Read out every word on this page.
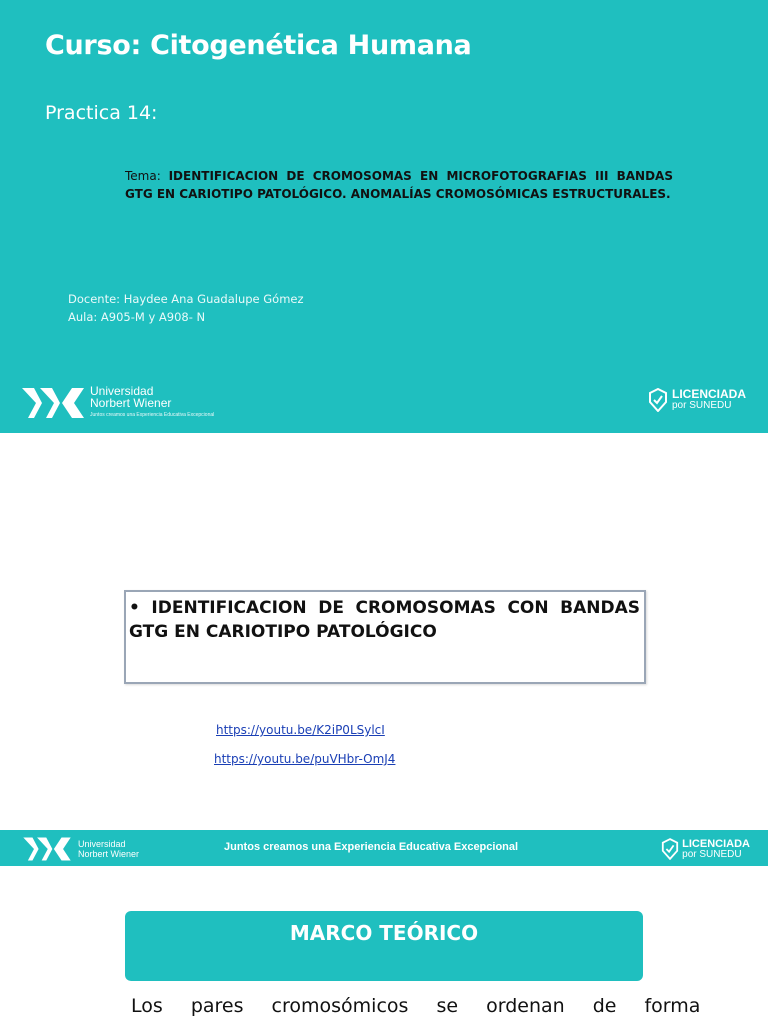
Curso: Citogenética Humana
Practica 14:
Tema: IDENTIFICACION DE CROMOSOMAS EN MICROFOTOGRAFIAS III BANDAS GTG EN CARIOTIPO PATOLÓGICO. ANOMALÍAS CROMOSÓMICAS ESTRUCTURALES.
Docente: Haydee Ana Guadalupe Gómez
Aula: A905-M y A908- N
Universidad
Norbert Wiener
Juntos creamos una Experiencia Educativa Excepcional
LICENCIADA
por SUNEDU
• IDENTIFICACION DE CROMOSOMAS CON BANDAS GTG EN CARIOTIPO PATOLÓGICO
https://youtu.be/K2iP0LSylcI
https://youtu.be/puVHbr-OmJ4
Universidad
Norbert Wiener
Juntos creamos una Experiencia Educativa Excepcional	LICENCIADA
por SUNEDU
MARCO TEÓRICO
Los pares cromosómicos se ordenan de forma
